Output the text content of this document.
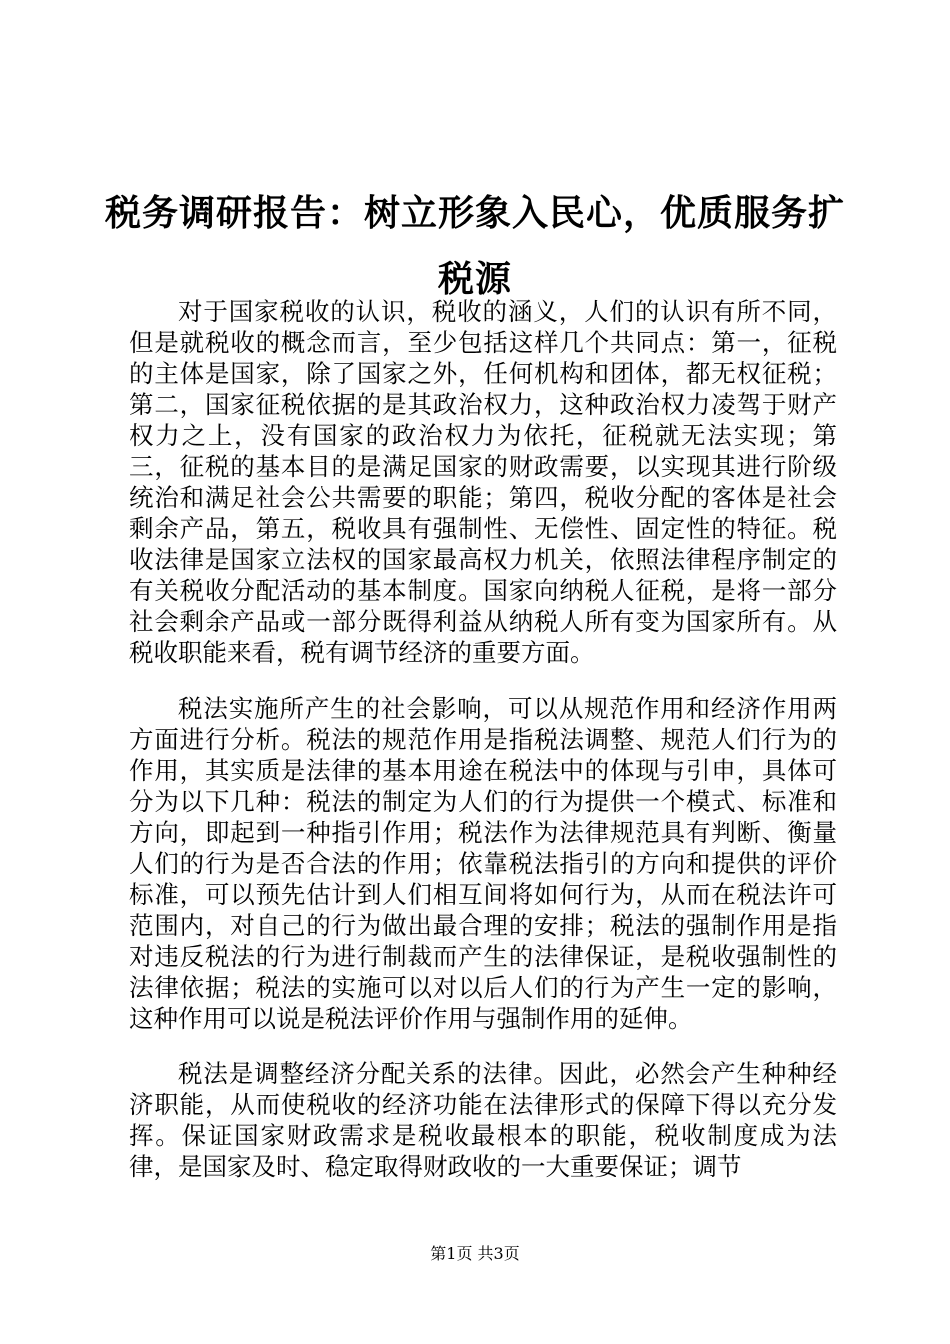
税务调研报告：树立形象入民心，优质服务扩税源

对于国家税收的认识，税收的涵义，人们的认识有所不同，但是就税收的概念而言，至少包括这样几个共同点：第一，征税的主体是国家，除了国家之外，任何机构和团体，都无权征税；第二，国家征税依据的是其政治权力，这种政治权力凌驾于财产权力之上，没有国家的政治权力为依托，征税就无法实现；第三，征税的基本目的是满足国家的财政需要，以实现其进行阶级统治和满足社会公共需要的职能；第四，税收分配的客体是社会剩余产品，第五，税收具有强制性、无偿性、固定性的特征。税收法律是国家立法权的国家最高权力机关，依照法律程序制定的有关税收分配活动的基本制度。国家向纳税人征税，是将一部分社会剩余产品或一部分既得利益从纳税人所有变为国家所有。从税收职能来看，税有调节经济的重要方面。

税法实施所产生的社会影响，可以从规范作用和经济作用两方面进行分析。税法的规范作用是指税法调整、规范人们行为的作用，其实质是法律的基本用途在税法中的体现与引申，具体可分为以下几种：税法的制定为人们的行为提供一个模式、标准和方向，即起到一种指引作用；税法作为法律规范具有判断、衡量人们的行为是否合法的作用；依靠税法指引的方向和提供的评价标准，可以预先估计到人们相互间将如何行为，从而在税法许可范围内，对自己的行为做出最合理的安排；税法的强制作用是指对违反税法的行为进行制裁而产生的法律保证，是税收强制性的法律依据；税法的实施可以对以后人们的行为产生一定的影响，这种作用可以说是税法评价作用与强制作用的延伸。

税法是调整经济分配关系的法律。因此，必然会产生种种经济职能，从而使税收的经济功能在法律形式的保障下得以充分发挥。保证国家财政需求是税收最根本的职能，税收制度成为法律，是国家及时、稳定取得财政收的一大重要保证；调节

第1页 共3页
